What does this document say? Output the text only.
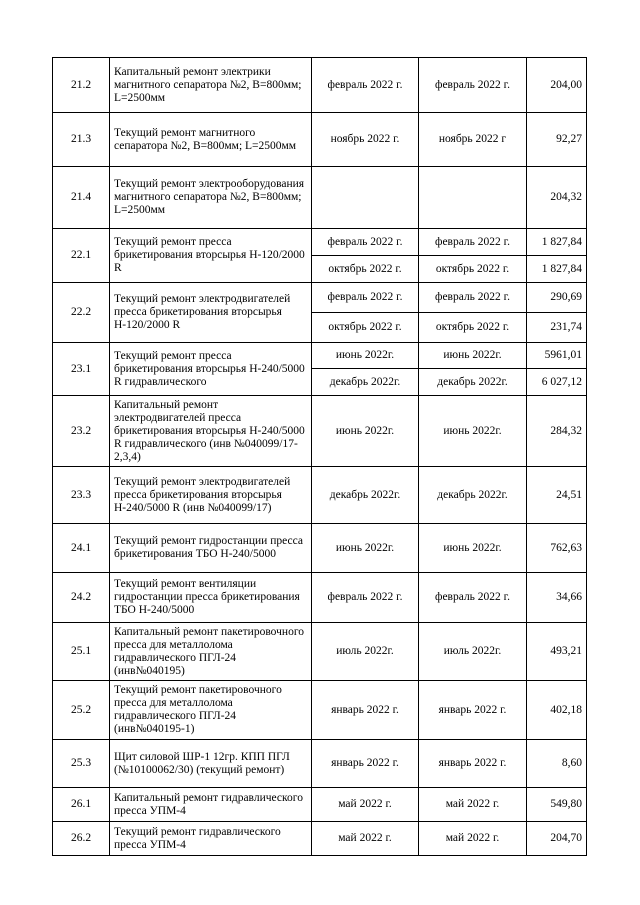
21.2	Капитальный ремонт электрики магнитного сепаратора №2, В=800мм; L=2500мм	февраль 2022 г.	февраль 2022 г.	204,00
21.3	Текущий ремонт магнитного сепаратора №2, В=800мм; L=2500мм	ноябрь 2022 г.	ноябрь 2022 г	92,27
21.4	Текущий ремонт электрооборудования магнитного сепаратора №2, В=800мм; L=2500мм			204,32
22.1	Текущий ремонт пресса брикетирования вторсырья Н-120/2000 R	февраль 2022 г.	февраль 2022 г.	1 827,84
		октябрь 2022 г.	октябрь 2022 г.	1 827,84
22.2	Текущий ремонт электродвигателей пресса брикетирования вторсырья Н-120/2000 R	февраль 2022 г.	февраль 2022 г.	290,69
		октябрь 2022 г.	октябрь 2022 г.	231,74
23.1	Текущий ремонт пресса брикетирования вторсырья Н-240/5000 R гидравлического	июнь 2022г.	июнь 2022г.	5961,01
		декабрь 2022г.	декабрь 2022г.	6 027,12
23.2	Капитальный ремонт электродвигателей пресса брикетирования вторсырья Н-240/5000 R гидравлического (инв №040099/17-2,3,4)	июнь 2022г.	июнь 2022г.	284,32
23.3	Текущий ремонт электродвигателей пресса брикетирования вторсырья Н-240/5000 R (инв №040099/17)	декабрь 2022г.	декабрь 2022г.	24,51
24.1	Текущий ремонт гидростанции пресса брикетирования ТБО Н-240/5000	июнь 2022г.	июнь 2022г.	762,63
24.2	Текущий ремонт вентиляции гидростанции пресса брикетирования ТБО Н-240/5000	февраль 2022 г.	февраль 2022 г.	34,66
25.1	Капитальный ремонт пакетировочного пресса для металлолома гидравлического ПГЛ-24 (инв№040195)	июль 2022г.	июль 2022г.	493,21
25.2	Текущий ремонт пакетировочного пресса для металлолома гидравлического ПГЛ-24 (инв№040195-1)	январь 2022 г.	январь 2022 г.	402,18
25.3	Щит силовой ШР-1 12гр. КПП ПГЛ (№10100062/30) (текущий ремонт)	январь 2022 г.	январь 2022 г.	8,60
26.1	Капитальный ремонт гидравлического пресса УПМ-4	май 2022 г.	май 2022 г.	549,80
26.2	Текущий ремонт гидравлического пресса УПМ-4	май 2022 г.	май 2022 г.	204,70
